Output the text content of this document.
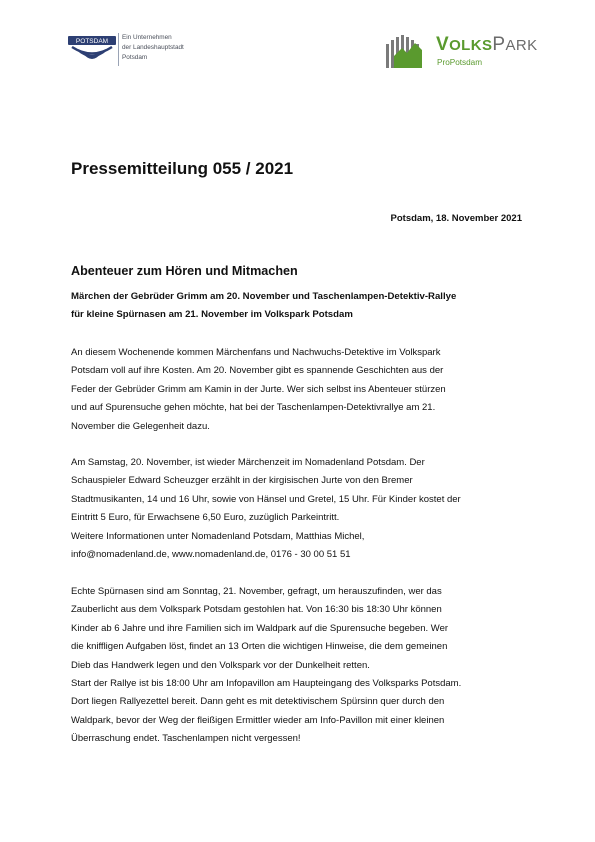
POTSDAM
Ein Unternehmen
der Landeshauptstadt
Potsdam
VOLKSPARK
ProPotsdam
Pressemitteilung 055 / 2021
Potsdam, 18. November 2021
Abenteuer zum Hören und Mitmachen
Märchen der Gebrüder Grimm am 20. November und Taschenlampen-Detektiv-Rallye
für kleine Spürnasen am 21. November im Volkspark Potsdam
An diesem Wochenende kommen Märchenfans und Nachwuchs-Detektive im Volkspark
Potsdam voll auf ihre Kosten. Am 20. November gibt es spannende Geschichten aus der
Feder der Gebrüder Grimm am Kamin in der Jurte. Wer sich selbst ins Abenteuer stürzen
und auf Spurensuche gehen möchte, hat bei der Taschenlampen-Detektivrallye am 21.
November die Gelegenheit dazu.
Am Samstag, 20. November, ist wieder Märchenzeit im Nomadenland Potsdam. Der
Schauspieler Edward Scheuzger erzählt in der kirgisischen Jurte von den Bremer
Stadtmusikanten, 14 und 16 Uhr, sowie von Hänsel und Gretel, 15 Uhr. Für Kinder kostet der
Eintritt 5 Euro, für Erwachsene 6,50 Euro, zuzüglich Parkeintritt.
Weitere Informationen unter Nomadenland Potsdam, Matthias Michel,
info@nomadenland.de, www.nomadenland.de, 0176 - 30 00 51 51
Echte Spürnasen sind am Sonntag, 21. November, gefragt, um herauszufinden, wer das
Zauberlicht aus dem Volkspark Potsdam gestohlen hat. Von 16:30 bis 18:30 Uhr können
Kinder ab 6 Jahre und ihre Familien sich im Waldpark auf die Spurensuche begeben. Wer
die kniffligen Aufgaben löst, findet an 13 Orten die wichtigen Hinweise, die dem gemeinen
Dieb das Handwerk legen und den Volkspark vor der Dunkelheit retten.
Start der Rallye ist bis 18:00 Uhr am Infopavillon am Haupteingang des Volksparks Potsdam.
Dort liegen Rallyezettel bereit. Dann geht es mit detektivischem Spürsinn quer durch den
Waldpark, bevor der Weg der fleißigen Ermittler wieder am Info-Pavillon mit einer kleinen
Überraschung endet. Taschenlampen nicht vergessen!
